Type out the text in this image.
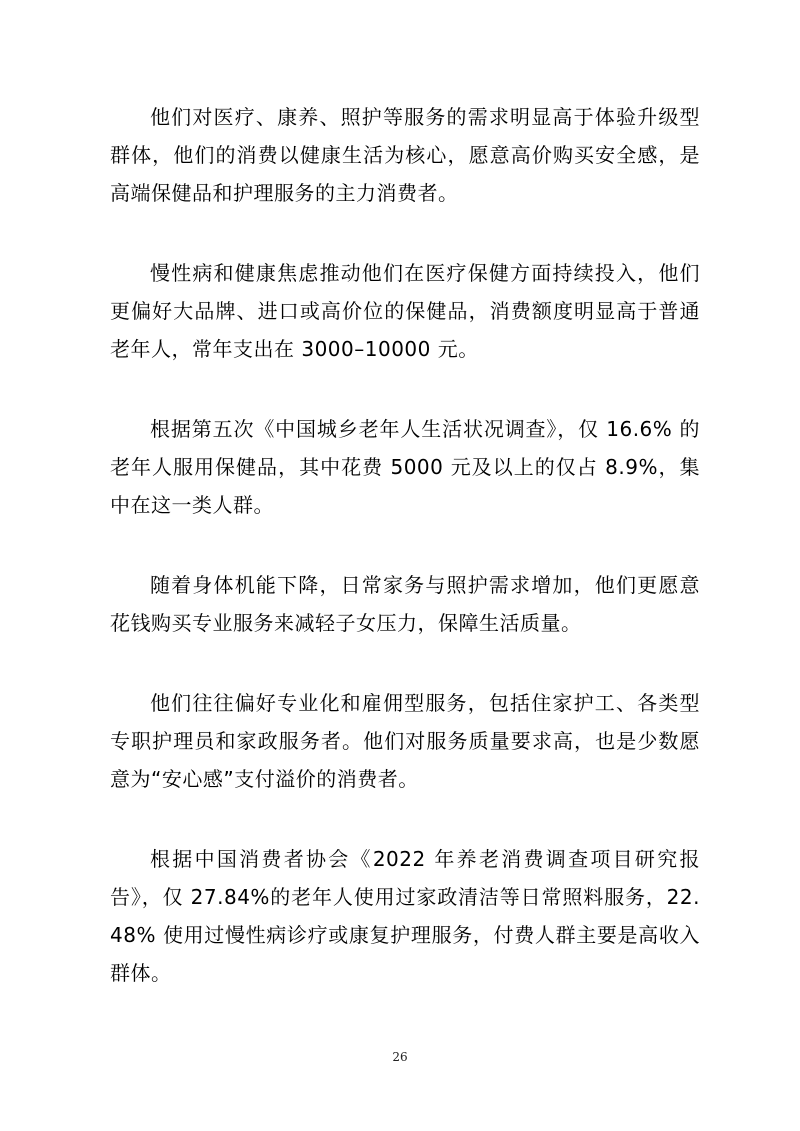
他们对医疗、康养、照护等服务的需求明显高于体验升级型群体，他们的消费以健康生活为核心，愿意高价购买安全感，是高端保健品和护理服务的主力消费者。

慢性病和健康焦虑推动他们在医疗保健方面持续投入，他们更偏好大品牌、进口或高价位的保健品，消费额度明显高于普通老年人，常年支出在 3000–10000 元。

根据第五次《中国城乡老年人生活状况调查》，仅 16.6% 的老年人服用保健品，其中花费 5000 元及以上的仅占 8.9%，集中在这一类人群。

随着身体机能下降，日常家务与照护需求增加，他们更愿意花钱购买专业服务来减轻子女压力，保障生活质量。

他们往往偏好专业化和雇佣型服务，包括住家护工、各类型专职护理员和家政服务者。他们对服务质量要求高，也是少数愿意为“安心感”支付溢价的消费者。

根据中国消费者协会《2022 年养老消费调查项目研究报告》，仅 27.84%的老年人使用过家政清洁等日常照料服务，22.48% 使用过慢性病诊疗或康复护理服务，付费人群主要是高收入群体。

26
